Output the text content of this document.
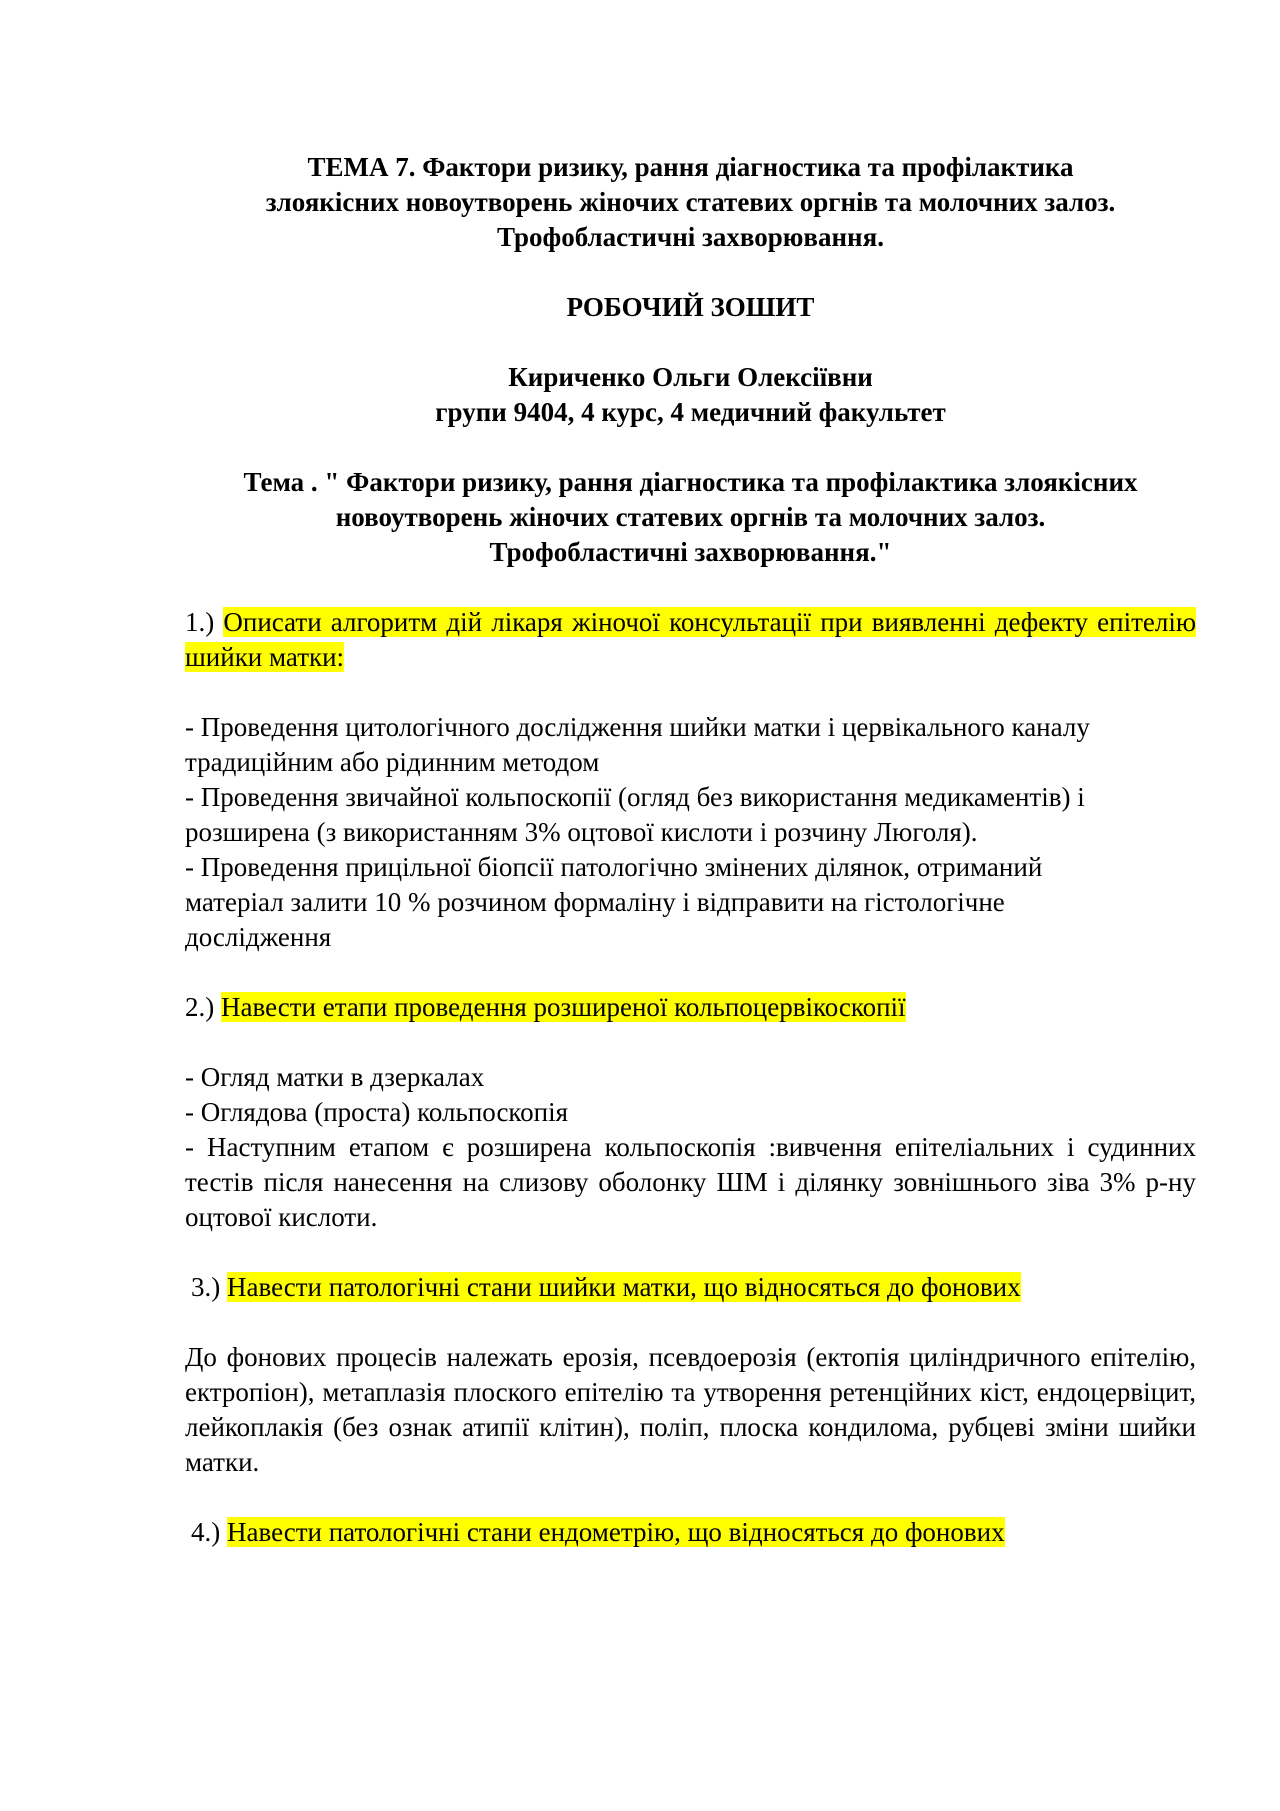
ТЕМА 7. Фактори ризику, рання діагностика та профілактика
злоякісних новоутворень жіночих статевих оргнів та молочних залоз.
Трофобластичні захворювання.
РОБОЧИЙ ЗОШИТ
Кириченко Ольги Олексіївни
групи 9404, 4 курс, 4 медичний факультет
Тема . " Фактори ризику, рання діагностика та профілактика злоякісних
новоутворень жіночих статевих оргнів та молочних залоз.
Трофобластичні захворювання."

1.) Описати алгоритм дій лікаря жіночої консультації при виявленні дефекту епітелію шийки матки:

- Проведення цитологічного дослідження шийки матки і цервікального каналу

традиційним або рідинним методом

- Проведення звичайної кольпоскопії (огляд без використання медикаментів) і

розширена (з використанням 3% оцтової кислоти і розчину Люголя).

- Проведення прицільної біопсії патологічно змінених ділянок, отриманий

матеріал залити 10 % розчином формаліну і відправити на гістологічне

дослідження

2.) Навести етапи проведення розширеної кольпоцервікоскопії

- Огляд матки в дзеркалах

- Оглядова (проста) кольпоскопія

- Наступним етапом є розширена кольпоскопія :вивчення епітеліальних і судинних тестів після нанесення на слизову оболонку ШМ і ділянку зовнішнього зіва 3% р-ну оцтової кислоти.

3.) Навести патологічні стани шийки матки, що відносяться до фонових

До фонових процесів належать ерозія, псевдоерозія (ектопія циліндричного епітелію, ектропіон), метаплазія плоского епітелію та утворення ретенційних кіст, ендоцервіцит, лейкоплакія (без ознак атипії клітин), поліп, плоска кондилома, рубцеві зміни шийки матки.

4.) Навести патологічні стани ендометрію, що відносяться до фонових
